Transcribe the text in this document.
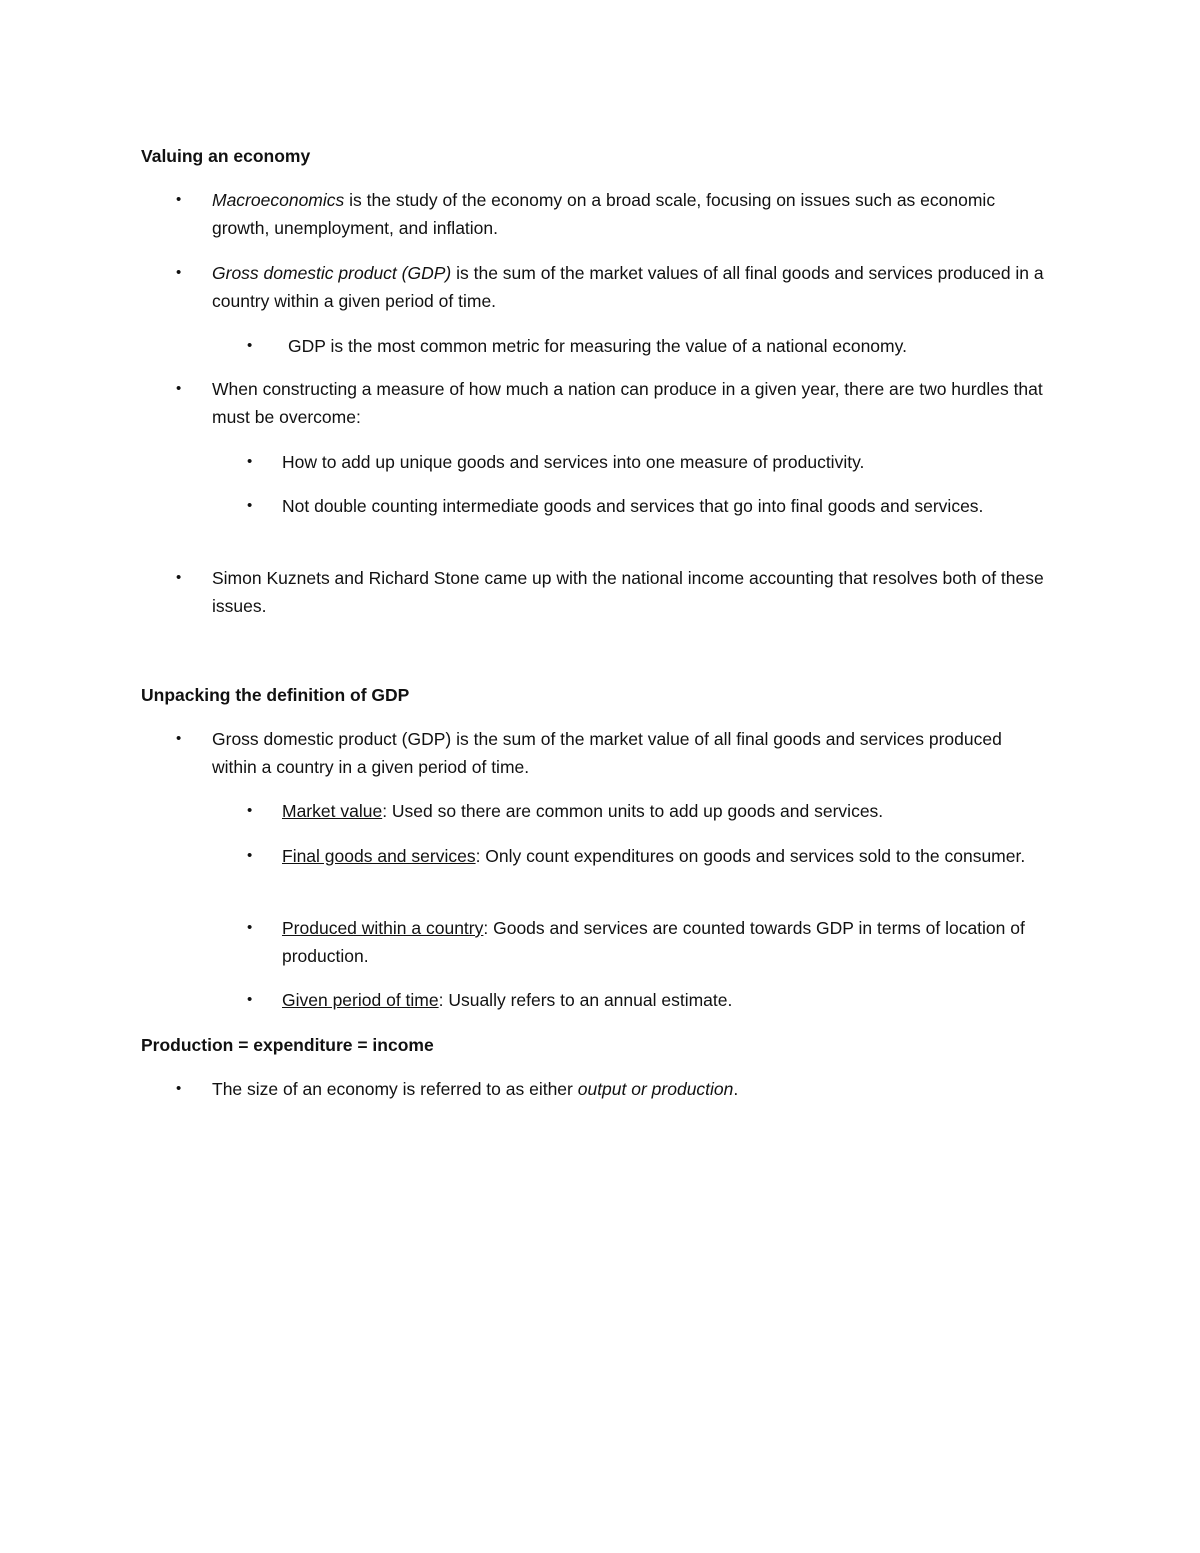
Valuing an economy
• Macroeconomics is the study of the economy on a broad scale, focusing on issues such as economic growth, unemployment, and inflation.
• Gross domestic product (GDP) is the sum of the market values of all final goods and services produced in a country within a given period of time.
• GDP is the most common metric for measuring the value of a national economy.
• When constructing a measure of how much a nation can produce in a given year, there are two hurdles that must be overcome:
• How to add up unique goods and services into one measure of productivity.
• Not double counting intermediate goods and services that go into final goods and services.
• Simon Kuznets and Richard Stone came up with the national income accounting that resolves both of these issues.
Unpacking the definition of GDP
• Gross domestic product (GDP) is the sum of the market value of all final goods and services produced within a country in a given period of time.
• Market value: Used so there are common units to add up goods and services.
• Final goods and services: Only count expenditures on goods and services sold to the consumer.
• Produced within a country: Goods and services are counted towards GDP in terms of location of production.
• Given period of time: Usually refers to an annual estimate.
Production = expenditure = income
• The size of an economy is referred to as either output or production.
